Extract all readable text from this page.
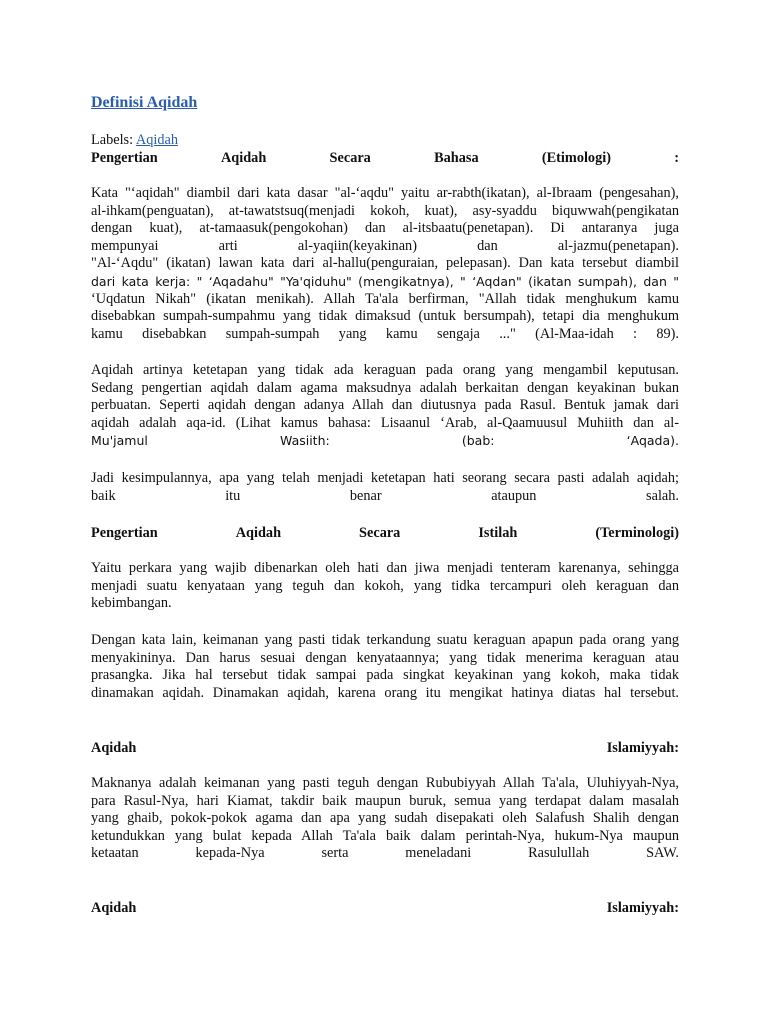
Definisi Aqidah
Labels: Aqidah
Pengertian	Aqidah	Secara	Bahasa	(Etimologi)	:

Kata "‘aqidah" diambil dari kata dasar "al-‘aqdu" yaitu ar-rabth(ikatan), al-Ibraam (pengesahan),

al-ihkam(penguatan), at-tawatstsuq(menjadi kokoh, kuat), asy-syaddu biquwwah(pengikatan

dengan kuat), at-tamaasuk(pengokohan) dan al-itsbaatu(penetapan). Di antaranya juga

mempunyai arti al-yaqiin(keyakinan) dan al-jazmu(penetapan).

"Al-‘Aqdu" (ikatan) lawan kata dari al-hallu(penguraian, pelepasan). Dan kata tersebut diambil

dari kata kerja: " ‘Aqadahu" "Ya'qiduhu" (mengikatnya), " ‘Aqdan" (ikatan sumpah), dan "

‘Uqdatun Nikah" (ikatan menikah). Allah Ta'ala berfirman, "Allah tidak menghukum kamu

disebabkan sumpah-sumpahmu yang tidak dimaksud (untuk bersumpah), tetapi dia menghukum

kamu disebabkan sumpah-sumpah yang kamu sengaja ..." (Al-Maa-idah : 89).

Aqidah artinya ketetapan yang tidak ada keraguan pada orang yang mengambil keputusan.

Sedang pengertian aqidah dalam agama maksudnya adalah berkaitan dengan keyakinan bukan

perbuatan. Seperti aqidah dengan adanya Allah dan diutusnya pada Rasul. Bentuk jamak dari

aqidah adalah aqa-id. (Lihat kamus bahasa: Lisaanul ‘Arab, al-Qaamuusul Muhiith dan al-

Mu'jamul Wasiith: (bab: ‘Aqada).

Jadi kesimpulannya, apa yang telah menjadi ketetapan hati seorang secara pasti adalah aqidah;

baik itu benar ataupun salah.

Pengertian	Aqidah	Secara	Istilah	(Terminologi)

Yaitu perkara yang wajib dibenarkan oleh hati dan jiwa menjadi tenteram karenanya, sehingga

menjadi suatu kenyataan yang teguh dan kokoh, yang tidka tercampuri oleh keraguan dan

kebimbangan.

Dengan kata lain, keimanan yang pasti tidak terkandung suatu keraguan apapun pada orang yang

menyakininya. Dan harus sesuai dengan kenyataannya; yang tidak menerima keraguan atau

prasangka. Jika hal tersebut tidak sampai pada singkat keyakinan yang kokoh, maka tidak

dinamakan aqidah. Dinamakan aqidah, karena orang itu mengikat hatinya diatas hal tersebut.

Aqidah	Islamiyyah:

Maknanya adalah keimanan yang pasti teguh dengan Rububiyyah Allah Ta'ala, Uluhiyyah-Nya,

para Rasul-Nya, hari Kiamat, takdir baik maupun buruk, semua yang terdapat dalam masalah

yang ghaib, pokok-pokok agama dan apa yang sudah disepakati oleh Salafush Shalih dengan

ketundukkan yang bulat kepada Allah Ta'ala baik dalam perintah-Nya, hukum-Nya maupun

ketaatan kepada-Nya serta meneladani Rasulullah SAW.

Aqidah	Islamiyyah:
